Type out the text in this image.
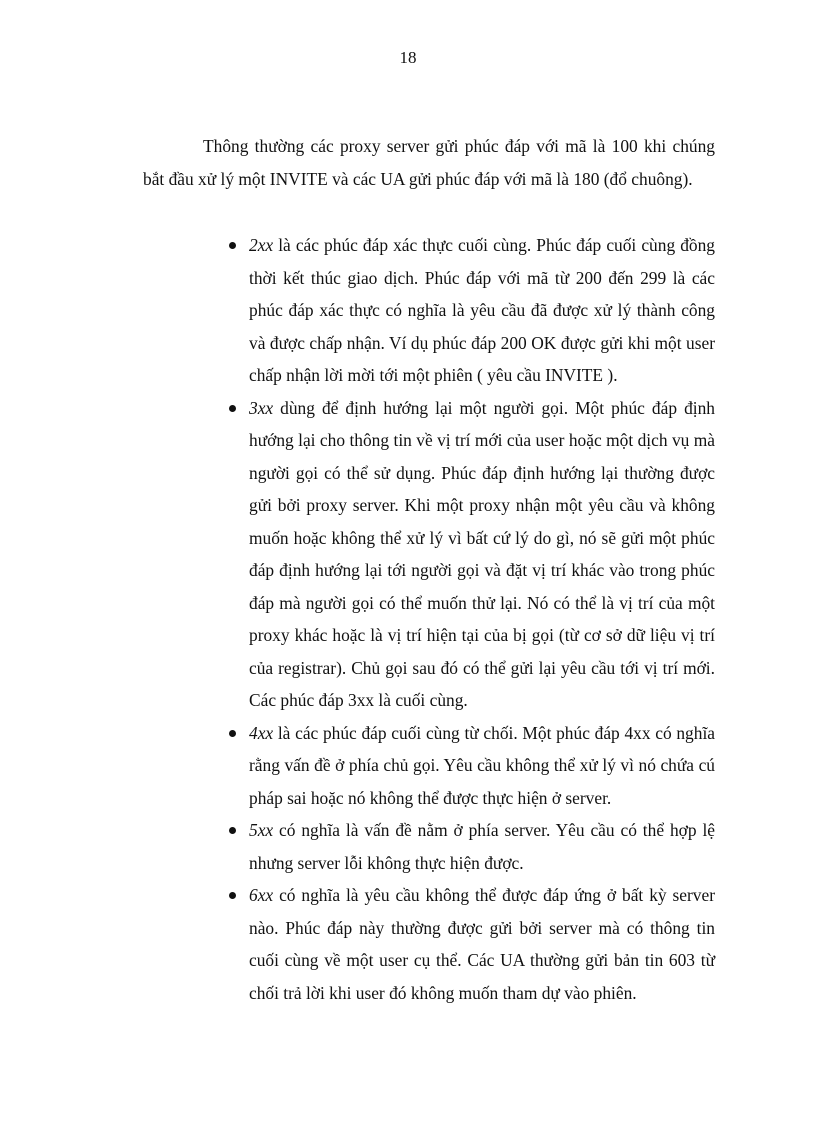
18

Thông thường các proxy server gửi phúc đáp với mã là 100 khi chúng bắt đầu xử lý một INVITE và các UA gửi phúc đáp với mã là 180 (đổ chuông).

2xx là các phúc đáp xác thực cuối cùng. Phúc đáp cuối cùng đồng thời kết thúc giao dịch. Phúc đáp với mã từ 200 đến 299 là các phúc đáp xác thực có nghĩa là yêu cầu đã được xử lý thành công và được chấp nhận. Ví dụ phúc đáp 200 OK được gửi khi một user chấp nhận lời mời tới một phiên ( yêu cầu INVITE ).
3xx dùng để định hướng lại một người gọi. Một phúc đáp định hướng lại cho thông tin về vị trí mới của user hoặc một dịch vụ mà người gọi có thể sử dụng. Phúc đáp định hướng lại thường được gửi bởi proxy server. Khi một proxy nhận một yêu cầu và không muốn hoặc không thể xử lý vì bất cứ lý do gì, nó sẽ gửi một phúc đáp định hướng lại tới người gọi và đặt vị trí khác vào trong phúc đáp mà người gọi có thể muốn thử lại. Nó có thể là vị trí của một proxy khác hoặc là vị trí hiện tại của bị gọi (từ cơ sở dữ liệu vị trí của registrar). Chủ gọi sau đó có thể gửi lại yêu cầu tới vị trí mới. Các phúc đáp 3xx là cuối cùng.
4xx là các phúc đáp cuối cùng từ chối. Một phúc đáp 4xx có nghĩa rằng vấn đề ở phía chủ gọi. Yêu cầu không thể xử lý vì nó chứa cú pháp sai hoặc nó không thể được thực hiện ở server.
5xx có nghĩa là vấn đề nằm ở phía server. Yêu cầu có thể hợp lệ nhưng server lỗi không thực hiện được.
6xx có nghĩa là yêu cầu không thể được đáp ứng ở bất kỳ server nào. Phúc đáp này thường được gửi bởi server mà có thông tin cuối cùng về một user cụ thể. Các UA thường gửi bản tin 603 từ chối trả lời khi user đó không muốn tham dự vào phiên.
